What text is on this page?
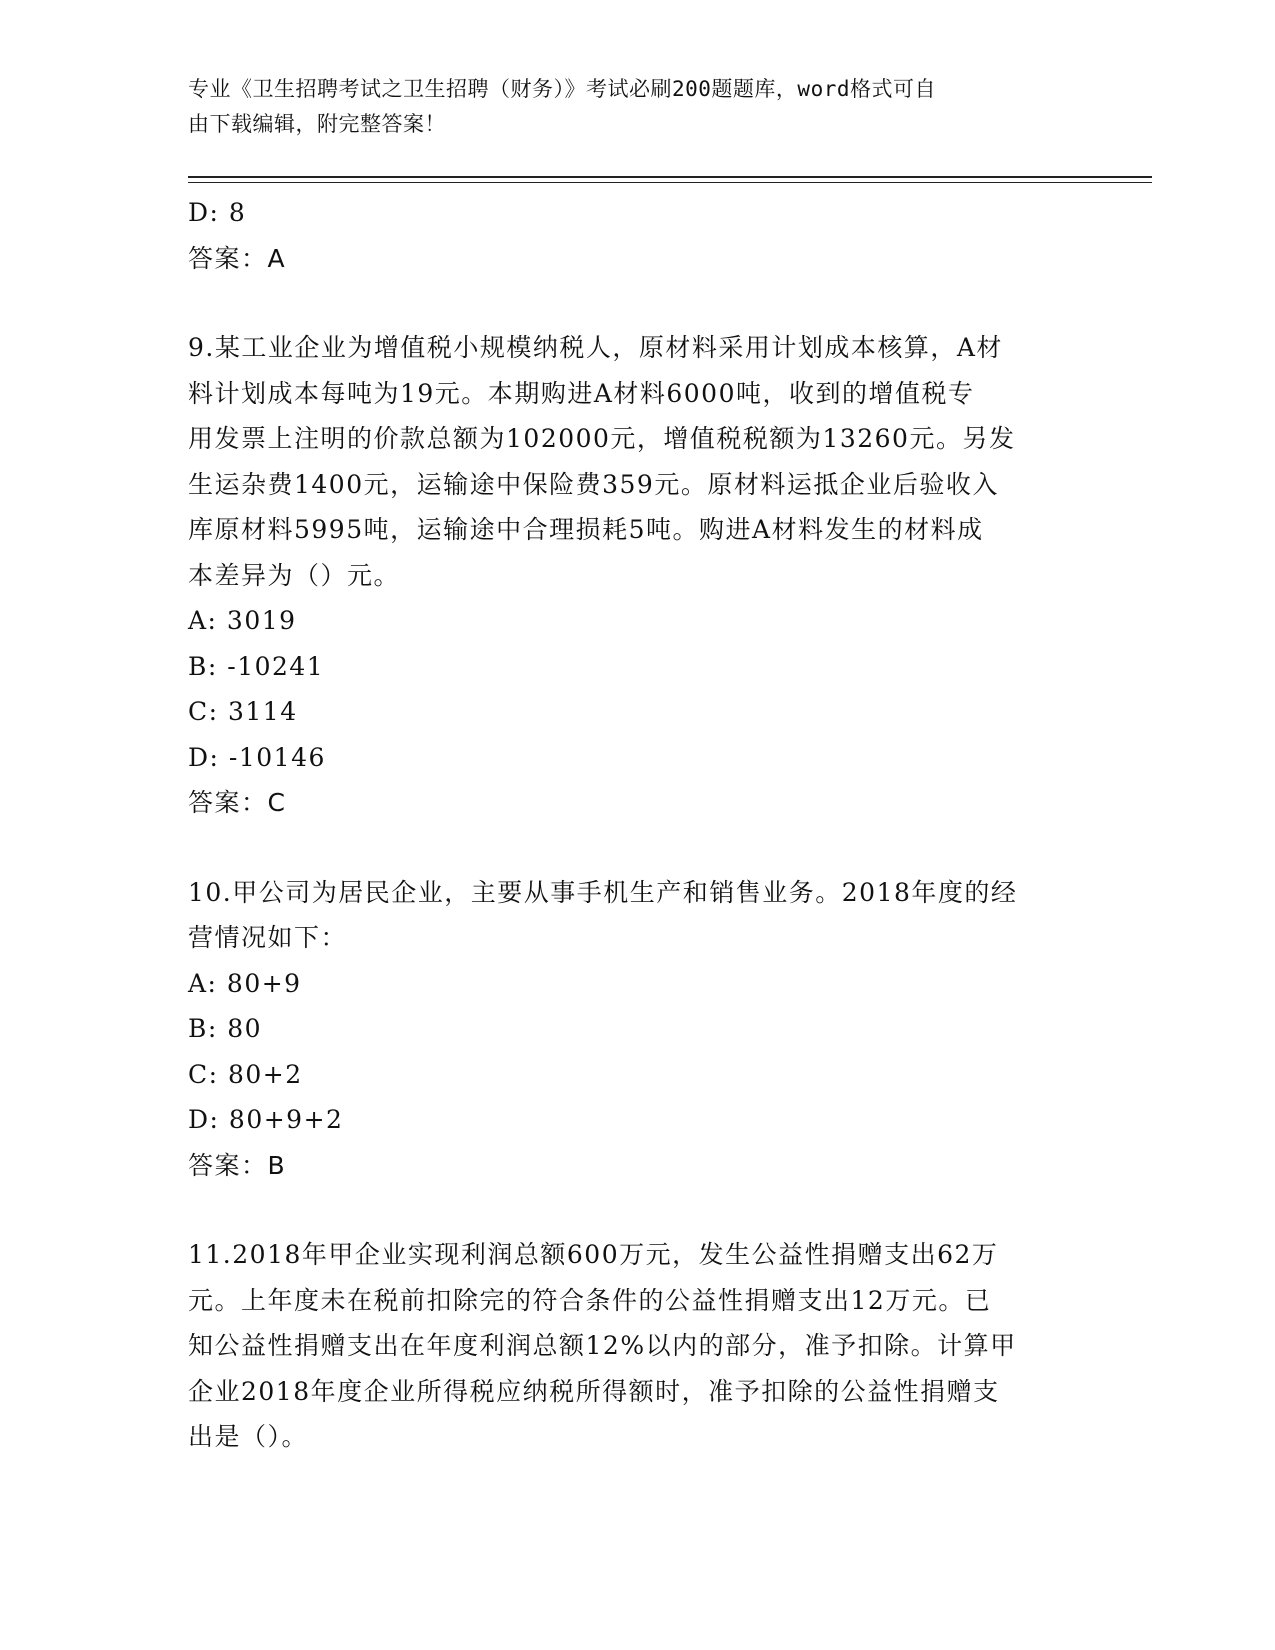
专业《卫生招聘考试之卫生招聘（财务）》考试必刷200题题库，word格式可自
由下载编辑，附完整答案！
D: 8
答案：A
9.某工业企业为增值税小规模纳税人，原材料采用计划成本核算，A材
料计划成本每吨为19元。本期购进A材料6000吨，收到的增值税专
用发票上注明的价款总额为102000元，增值税税额为13260元。另发
生运杂费1400元，运输途中保险费359元。原材料运抵企业后验收入
库原材料5995吨，运输途中合理损耗5吨。购进A材料发生的材料成
本差异为（）元。
A: 3019
B: -10241
C: 3114
D: -10146
答案：C
10.甲公司为居民企业，主要从事手机生产和销售业务。2018年度的经
营情况如下：
A: 80+9
B: 80
C: 80+2
D: 80+9+2
答案：B
11.2018年甲企业实现利润总额600万元，发生公益性捐赠支出62万
元。上年度未在税前扣除完的符合条件的公益性捐赠支出12万元。已
知公益性捐赠支出在年度利润总额12%以内的部分，准予扣除。计算甲
企业2018年度企业所得税应纳税所得额时，准予扣除的公益性捐赠支
出是（）。
